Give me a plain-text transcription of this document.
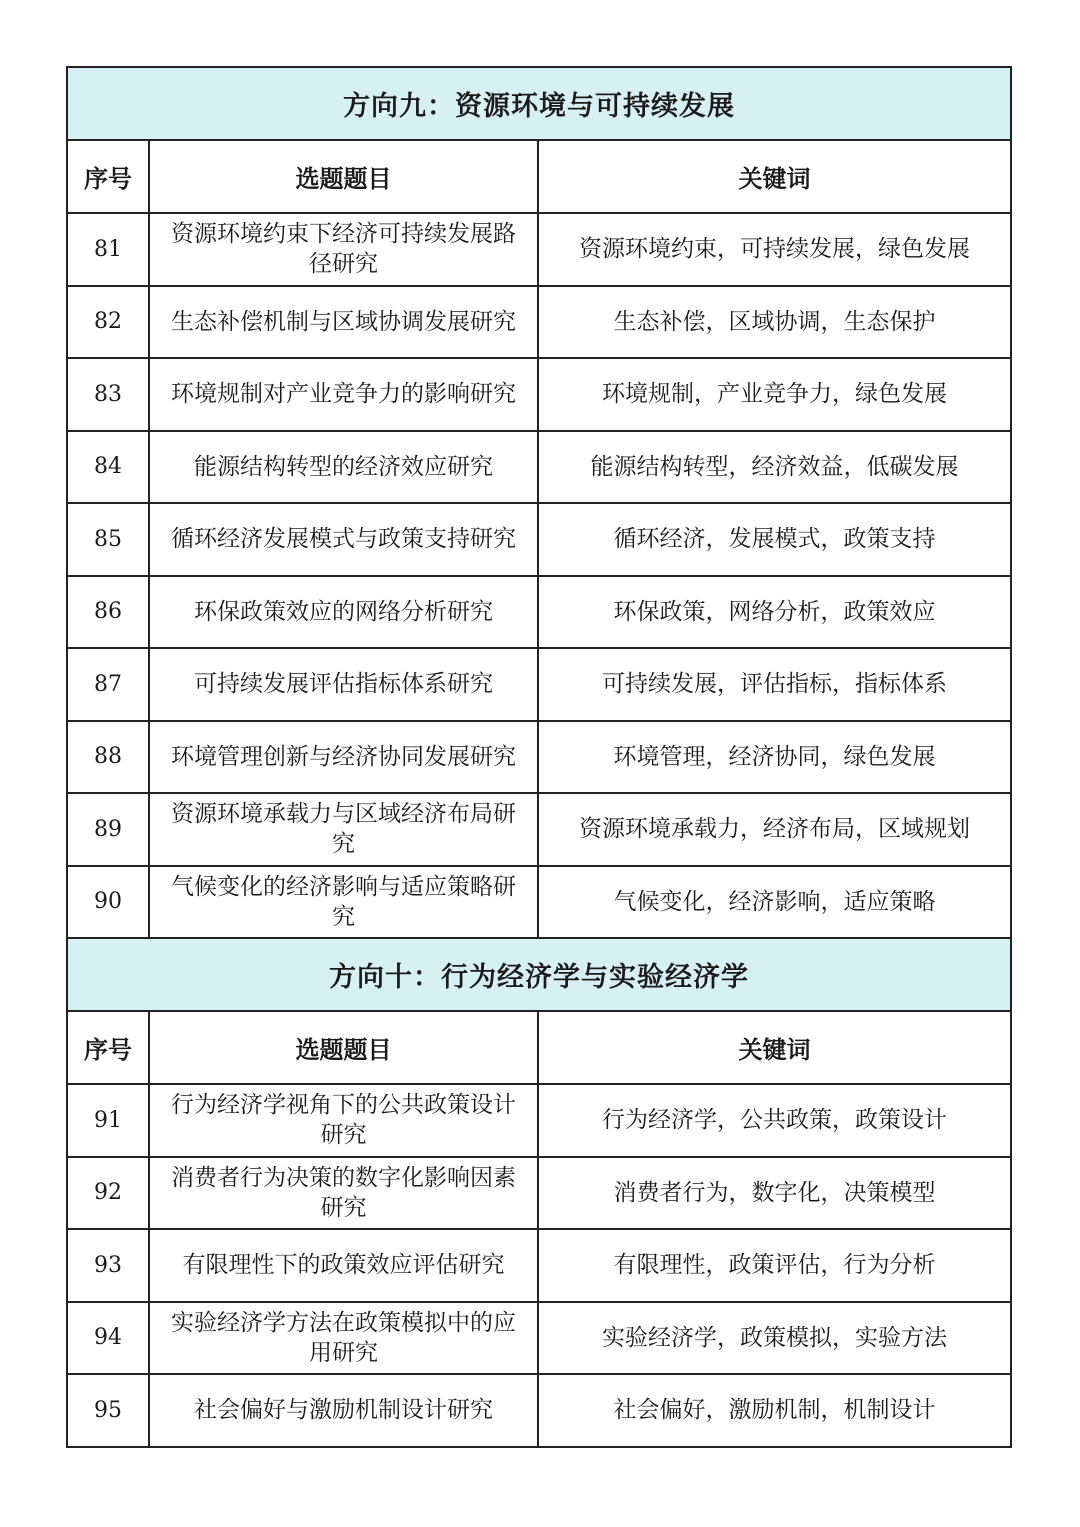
方向九：资源环境与可持续发展		
序号	选题题目	关键词
81	资源环境约束下经济可持续发展路径研究	资源环境约束，可持续发展，绿色发展
82	生态补偿机制与区域协调发展研究	生态补偿，区域协调，生态保护
83	环境规制对产业竞争力的影响研究	环境规制，产业竞争力，绿色发展
84	能源结构转型的经济效应研究	能源结构转型，经济效益，低碳发展
85	循环经济发展模式与政策支持研究	循环经济，发展模式，政策支持
86	环保政策效应的网络分析研究	环保政策，网络分析，政策效应
87	可持续发展评估指标体系研究	可持续发展，评估指标，指标体系
88	环境管理创新与经济协同发展研究	环境管理，经济协同，绿色发展
89	资源环境承载力与区域经济布局研究	资源环境承载力，经济布局，区域规划
90	气候变化的经济影响与适应策略研究	气候变化，经济影响，适应策略
方向十：行为经济学与实验经济学		
序号	选题题目	关键词
91	行为经济学视角下的公共政策设计研究	行为经济学，公共政策，政策设计
92	消费者行为决策的数字化影响因素研究	消费者行为，数字化，决策模型
93	有限理性下的政策效应评估研究	有限理性，政策评估，行为分析
94	实验经济学方法在政策模拟中的应用研究	实验经济学，政策模拟，实验方法
95	社会偏好与激励机制设计研究	社会偏好，激励机制，机制设计
